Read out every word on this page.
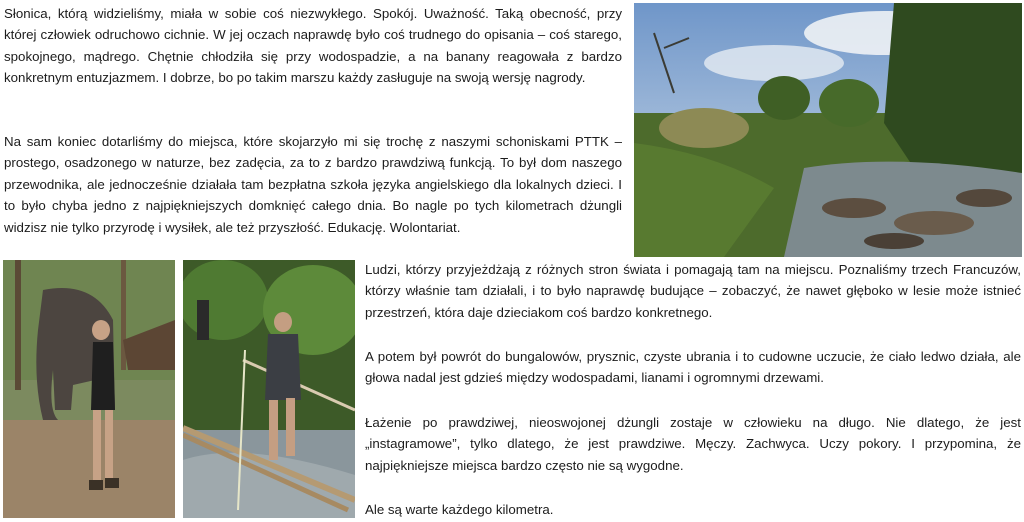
Słonica, którą widzieliśmy, miała w sobie coś niezwykłego. Spokój. Uważność. Taką obecność, przy której człowiek odruchowo cichnie. W jej oczach naprawdę było coś trudnego do opisania – coś starego, spokojnego, mądrego. Chętnie chłodziła się przy wodospadzie, a na banany reagowała z bardzo konkretnym entuzjazmem. I dobrze, bo po takim marszu każdy zasługuje na swoją wersję nagrody.

Na sam koniec dotarliśmy do miejsca, które skojarzyło mi się trochę z naszymi schoniskami PTTK – prostego, osadzonego w naturze, bez zadęcia, za to z bardzo prawdziwą funkcją. To był dom naszego przewodnika, ale jednocześnie działała tam bezpłatna szkoła języka angielskiego dla lokalnych dzieci. I to było chyba jedno z najpiękniejszych domknięć całego dnia. Bo nagle po tych kilometrach dżungli widzisz nie tylko przyrodę i wysiłek, ale też przyszłość. Edukację. Wolontariat.

Ludzi, którzy przyjeżdżają z różnych stron świata i pomagają tam na miejscu. Poznaliśmy trzech Francuzów, którzy właśnie tam działali, i to było naprawdę budujące – zobaczyć, że nawet głęboko w lesie może istnieć przestrzeń, która daje dzieciakom coś bardzo konkretnego.

A potem był powrót do bungalowów, prysznic, czyste ubrania i to cudowne uczucie, że ciało ledwo działa, ale głowa nadal jest gdzieś między wodospadami, lianami i ogromnymi drzewami.

Łażenie po prawdziwej, nieoswojonej dżungli zostaje w człowieku na długo. Nie dlatego, że jest „instagramowe”, tylko dlatego, że jest prawdziwe. Męczy. Zachwyca. Uczy pokory. I przypomina, że najpiękniejsze miejsca bardzo często nie są wygodne.

Ale są warte każdego kilometra.
